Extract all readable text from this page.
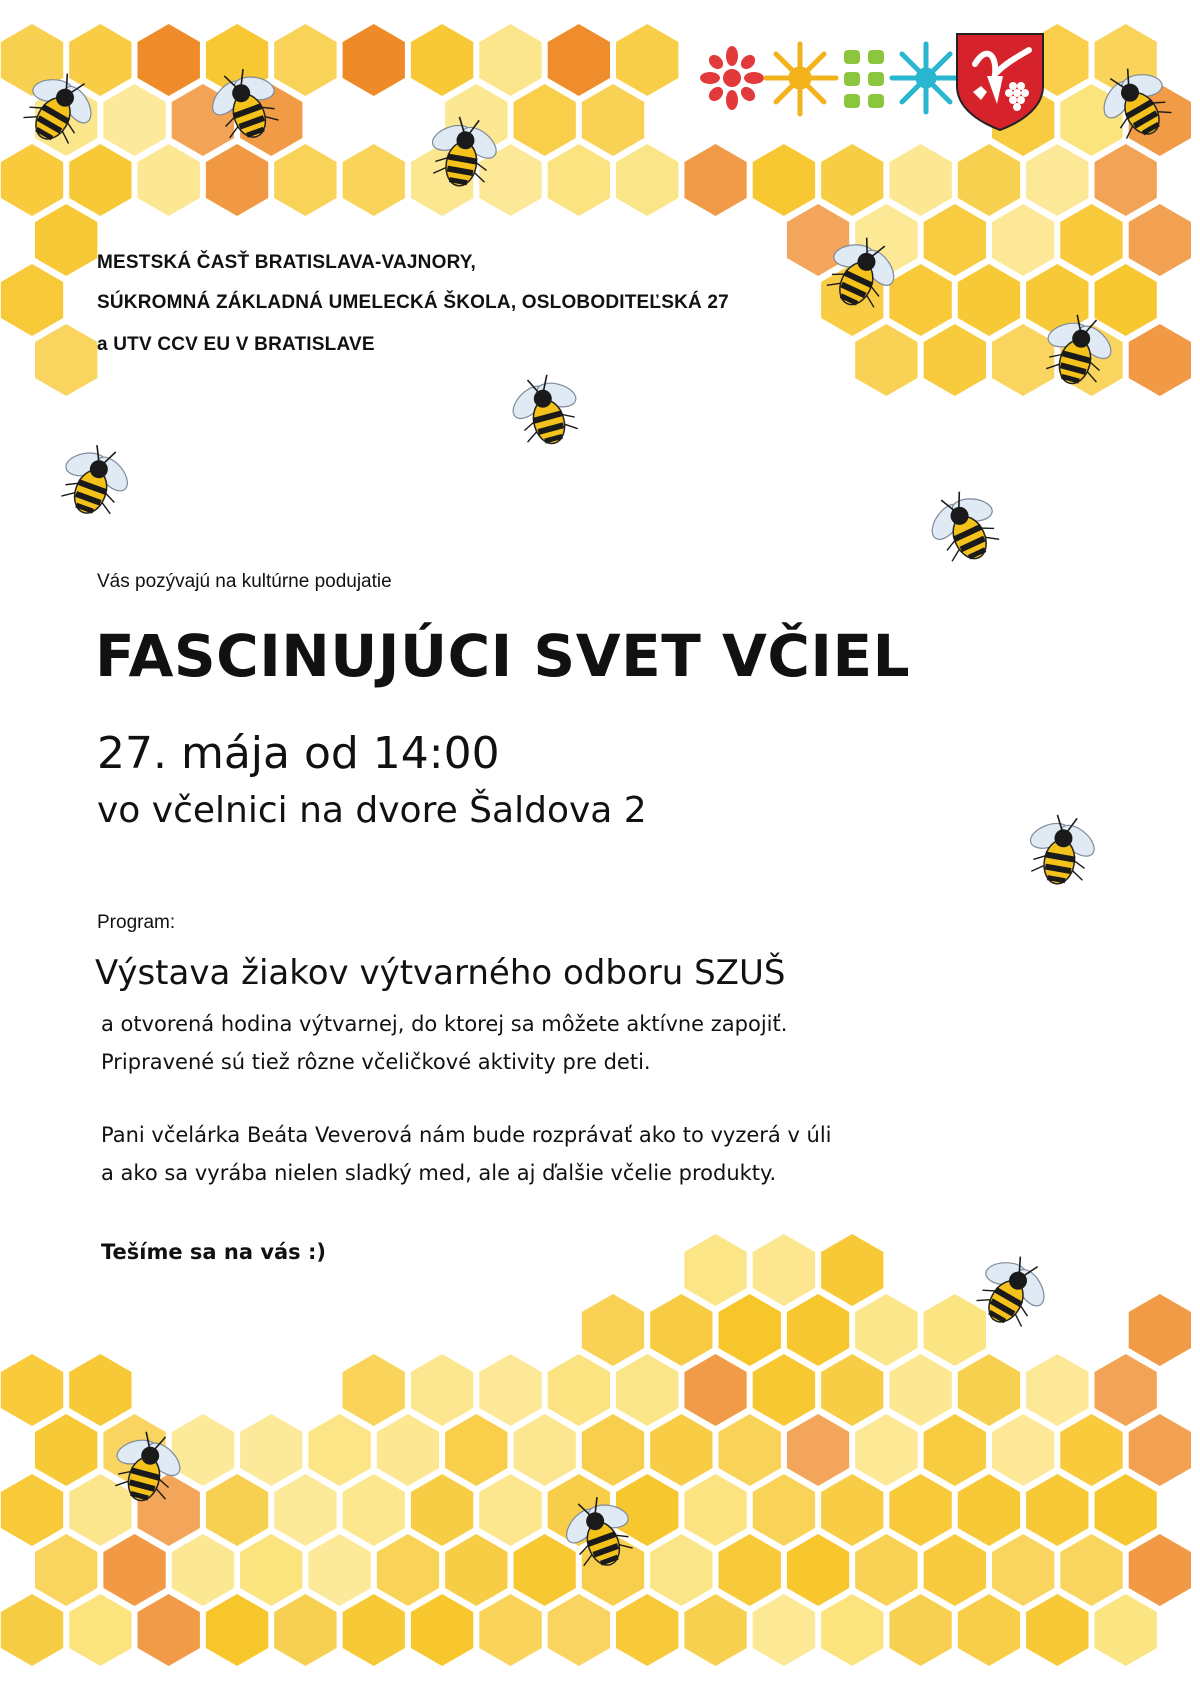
MESTSKÁ ČASŤ BRATISLAVA-VAJNORY,
SÚKROMNÁ ZÁKLADNÁ UMELECKÁ ŠKOLA, OSLOBODITEĽSKÁ 27
a UTV CCV EU V BRATISLAVE
Vás pozývajú na kultúrne podujatie
FASCINUJÚCI SVET VČIEL
27. mája od 14:00
vo včelnici na dvore Šaldova 2
Program:
Výstava žiakov výtvarného odboru SZUŠ
a otvorená hodina výtvarnej, do ktorej sa môžete aktívne zapojiť.
Pripravené sú tiež rôzne včeličkové aktivity pre deti.
Pani včelárka Beáta Veverová nám bude rozprávať ako to vyzerá v úli
a ako sa vyrába nielen sladký med, ale aj ďalšie včelie produkty.
Tešíme sa na vás :)
